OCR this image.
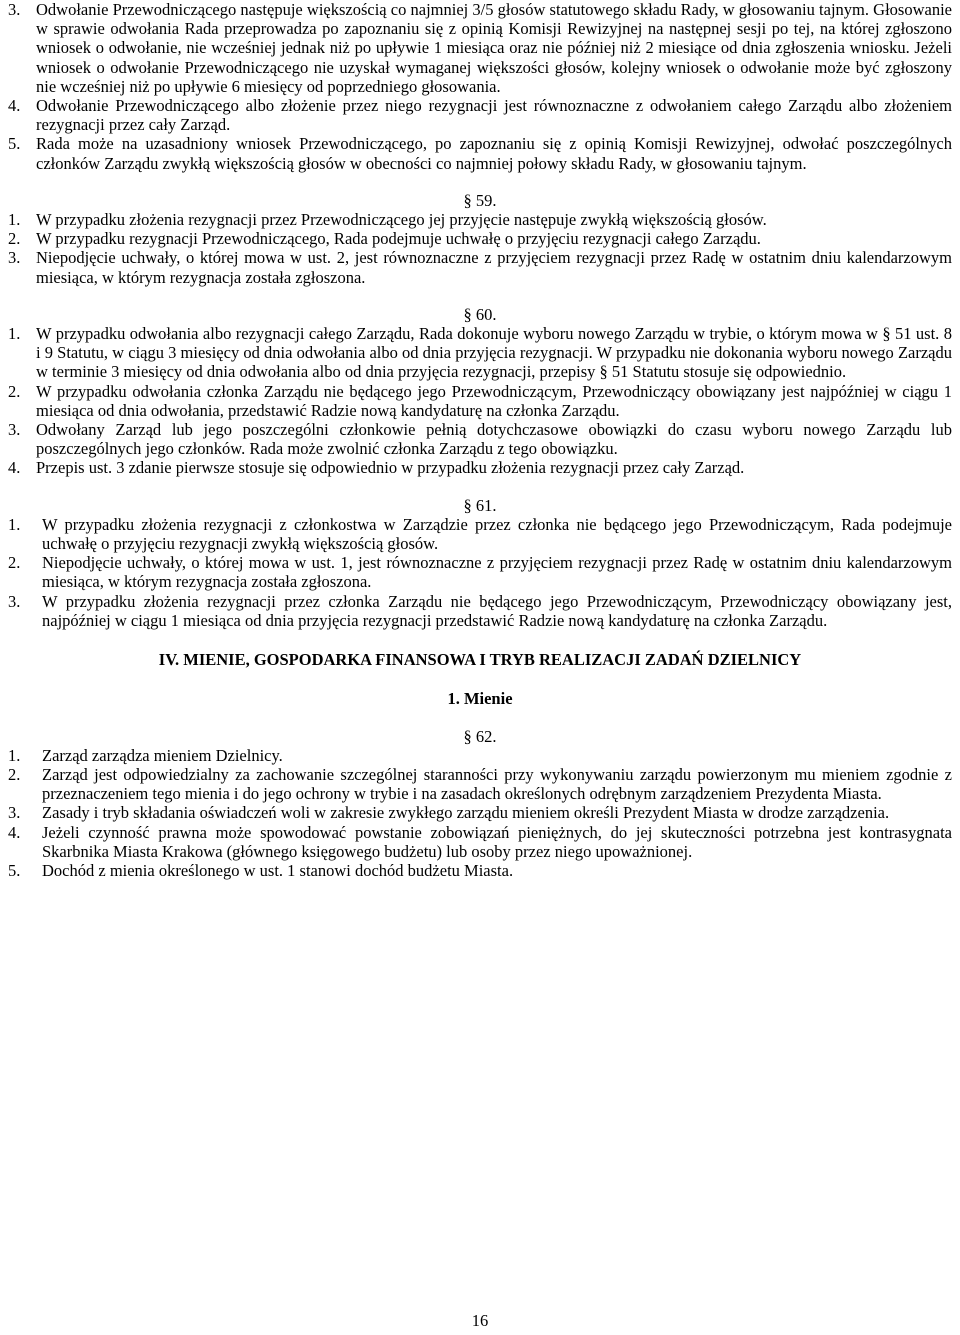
3. Odwołanie Przewodniczącego następuje większością co najmniej 3/5 głosów statutowego składu Rady, w głosowaniu tajnym. Głosowanie w sprawie odwołania Rada przeprowadza po zapoznaniu się z opinią Komisji Rewizyjnej na następnej sesji po tej, na której zgłoszono wniosek o odwołanie, nie wcześniej jednak niż po upływie 1 miesiąca oraz nie później niż 2 miesiące od dnia zgłoszenia wniosku. Jeżeli wniosek o odwołanie Przewodniczącego nie uzyskał wymaganej większości głosów, kolejny wniosek o odwołanie może być zgłoszony nie wcześniej niż po upływie 6 miesięcy od poprzedniego głosowania.
4. Odwołanie Przewodniczącego albo złożenie przez niego rezygnacji jest równoznaczne z odwołaniem całego Zarządu albo złożeniem rezygnacji przez cały Zarząd.
5. Rada może na uzasadniony wniosek Przewodniczącego, po zapoznaniu się z opinią Komisji Rewizyjnej, odwołać poszczególnych członków Zarządu zwykłą większością głosów w obecności co najmniej połowy składu Rady, w głosowaniu tajnym.

§ 59.

1. W przypadku złożenia rezygnacji przez Przewodniczącego jej przyjęcie następuje zwykłą większością głosów.
2. W przypadku rezygnacji Przewodniczącego, Rada podejmuje uchwałę o przyjęciu rezygnacji całego Zarządu.
3. Niepodjęcie uchwały, o której mowa w ust. 2, jest równoznaczne z przyjęciem rezygnacji przez Radę w ostatnim dniu kalendarzowym miesiąca, w którym rezygnacja została zgłoszona.

§ 60.

1. W przypadku odwołania albo rezygnacji całego Zarządu, Rada dokonuje wyboru nowego Zarządu w trybie, o którym mowa w § 51 ust. 8 i 9 Statutu, w ciągu 3 miesięcy od dnia odwołania albo od dnia przyjęcia rezygnacji. W przypadku nie dokonania wyboru nowego Zarządu w terminie 3 miesięcy od dnia odwołania albo od dnia przyjęcia rezygnacji, przepisy § 51 Statutu stosuje się odpowiednio.
2. W przypadku odwołania członka Zarządu nie będącego jego Przewodniczącym, Przewodniczący obowiązany jest najpóźniej w ciągu 1 miesiąca od dnia odwołania, przedstawić Radzie nową kandydaturę na członka Zarządu.
3. Odwołany Zarząd lub jego poszczególni członkowie pełnią dotychczasowe obowiązki do czasu wyboru nowego Zarządu lub poszczególnych jego członków. Rada może zwolnić członka Zarządu z tego obowiązku.
4. Przepis ust. 3 zdanie pierwsze stosuje się odpowiednio w przypadku złożenia rezygnacji przez cały Zarząd.

§ 61.

1.	W przypadku złożenia rezygnacji z członkostwa w Zarządzie przez członka nie będącego jego Przewodniczącym, Rada podejmuje uchwałę o przyjęciu rezygnacji zwykłą większością głosów.
2.	Niepodjęcie uchwały, o której mowa w ust. 1, jest równoznaczne z przyjęciem rezygnacji przez Radę w ostatnim dniu kalendarzowym miesiąca, w którym rezygnacja została zgłoszona.
3.	W przypadku złożenia rezygnacji przez członka Zarządu nie będącego jego Przewodniczącym, Przewodniczący obowiązany jest, najpóźniej w ciągu 1 miesiąca od dnia przyjęcia rezygnacji przedstawić Radzie nową kandydaturę na członka Zarządu.

IV. MIENIE, GOSPODARKA FINANSOWA I TRYB REALIZACJI ZADAŃ DZIELNICY

1. Mienie

§ 62.

1.	Zarząd zarządza mieniem Dzielnicy.
2.	Zarząd jest odpowiedzialny za zachowanie szczególnej staranności przy wykonywaniu zarządu powierzonym mu mieniem zgodnie z przeznaczeniem tego mienia i do jego ochrony w trybie i na zasadach określonych odrębnym zarządzeniem Prezydenta Miasta.
3.	Zasady i tryb składania oświadczeń woli w zakresie zwykłego zarządu mieniem określi Prezydent Miasta w drodze zarządzenia.
4.	Jeżeli czynność prawna może spowodować powstanie zobowiązań pieniężnych, do jej skuteczności potrzebna jest kontrasygnata Skarbnika Miasta Krakowa (głównego księgowego budżetu) lub osoby przez niego upoważnionej.
5.	Dochód z mienia określonego w ust. 1 stanowi dochód budżetu Miasta.
16
